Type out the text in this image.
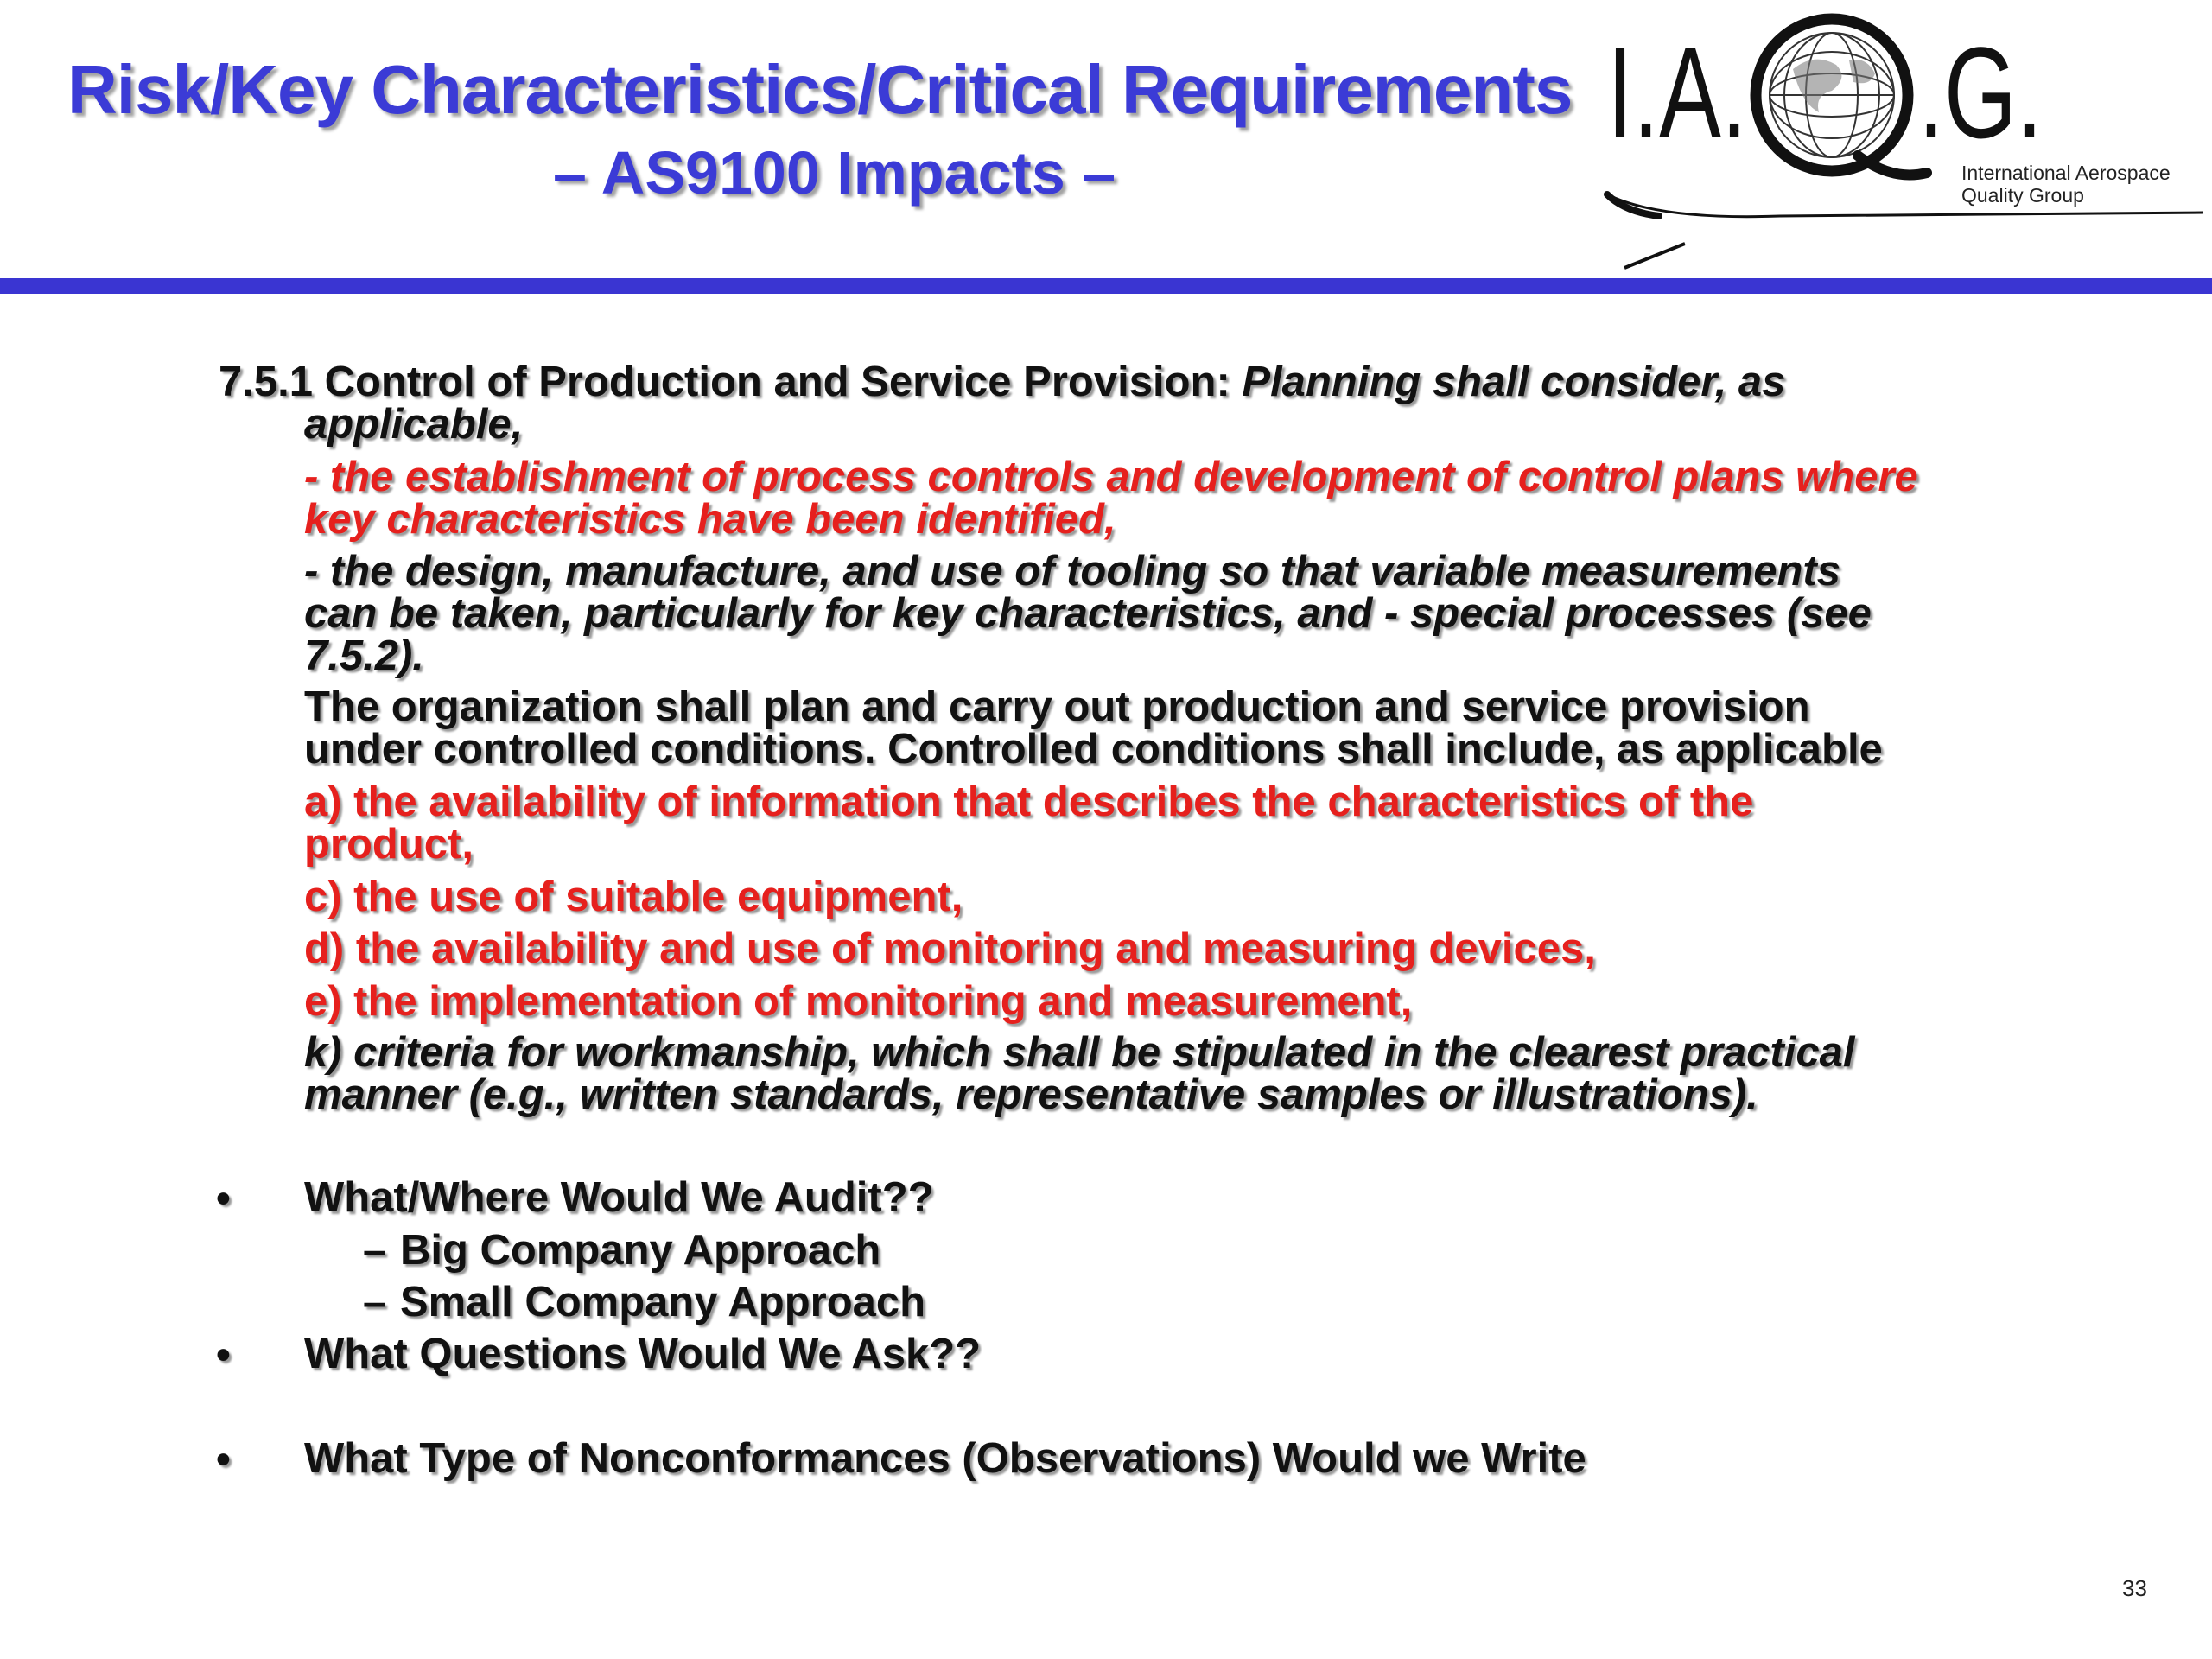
Risk/Key Characteristics/Critical Requirements
– AS9100 Impacts –
I.A. .G.
International Aerospace
Quality Group

7.5.1 Control of Production and Service Provision: Planning shall consider, as

applicable,

- the establishment of process controls and development of control plans where

key characteristics have been identified,

- the design, manufacture, and use of tooling so that variable measurements

can be taken, particularly for key characteristics, and - special processes (see

7.5.2).

The organization shall plan and carry out production and service provision

under controlled conditions. Controlled conditions shall include, as applicable

a) the availability of information that describes the characteristics of the

product,

c) the use of suitable equipment,

d) the availability and use of monitoring and measuring devices,

e) the implementation of monitoring and measurement,

k) criteria for workmanship, which shall be stipulated in the clearest practical

manner (e.g., written standards, representative samples or illustrations).

• What/Where Would We Audit??

– Big Company Approach

– Small Company Approach

• What Questions Would We Ask??

• What Type of Nonconformances (Observations) Would we Write

33
